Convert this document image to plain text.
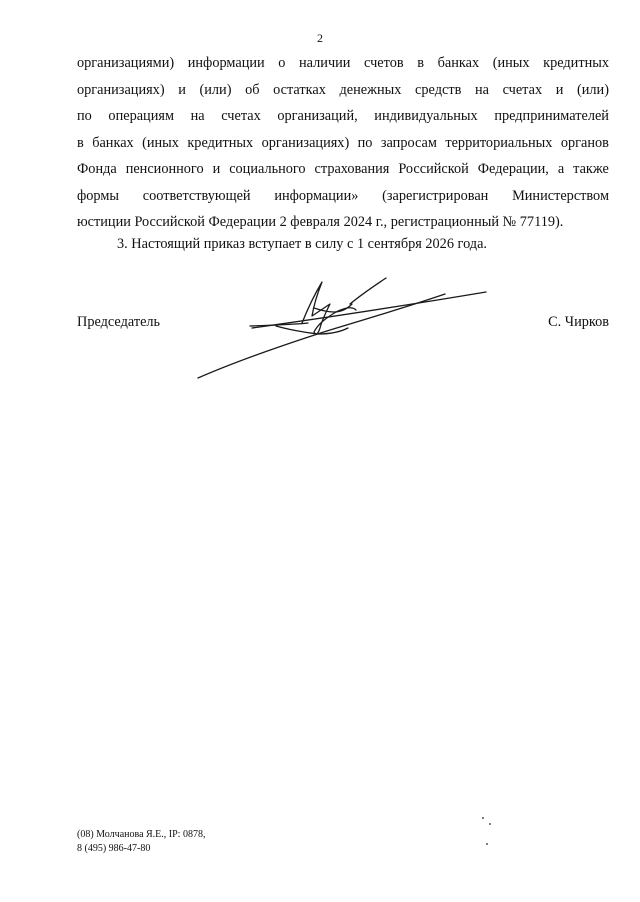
2
организациями) информации о наличии счетов в банках (иных кредитных
организациях) и (или) об остатках денежных средств на счетах и (или)
по операциям на счетах организаций, индивидуальных предпринимателей
в банках (иных кредитных организациях) по запросам территориальных органов
Фонда пенсионного и социального страхования Российской Федерации, а также
формы соответствующей информации» (зарегистрирован Министерством
юстиции Российской Федерации 2 февраля 2024 г., регистрационный № 77119).
3. Настоящий приказ вступает в силу с 1 сентября 2026 года.
Председатель	С. Чирков
(08) Молчанова Я.Е., IP: 0878,
8 (495) 986-47-80
